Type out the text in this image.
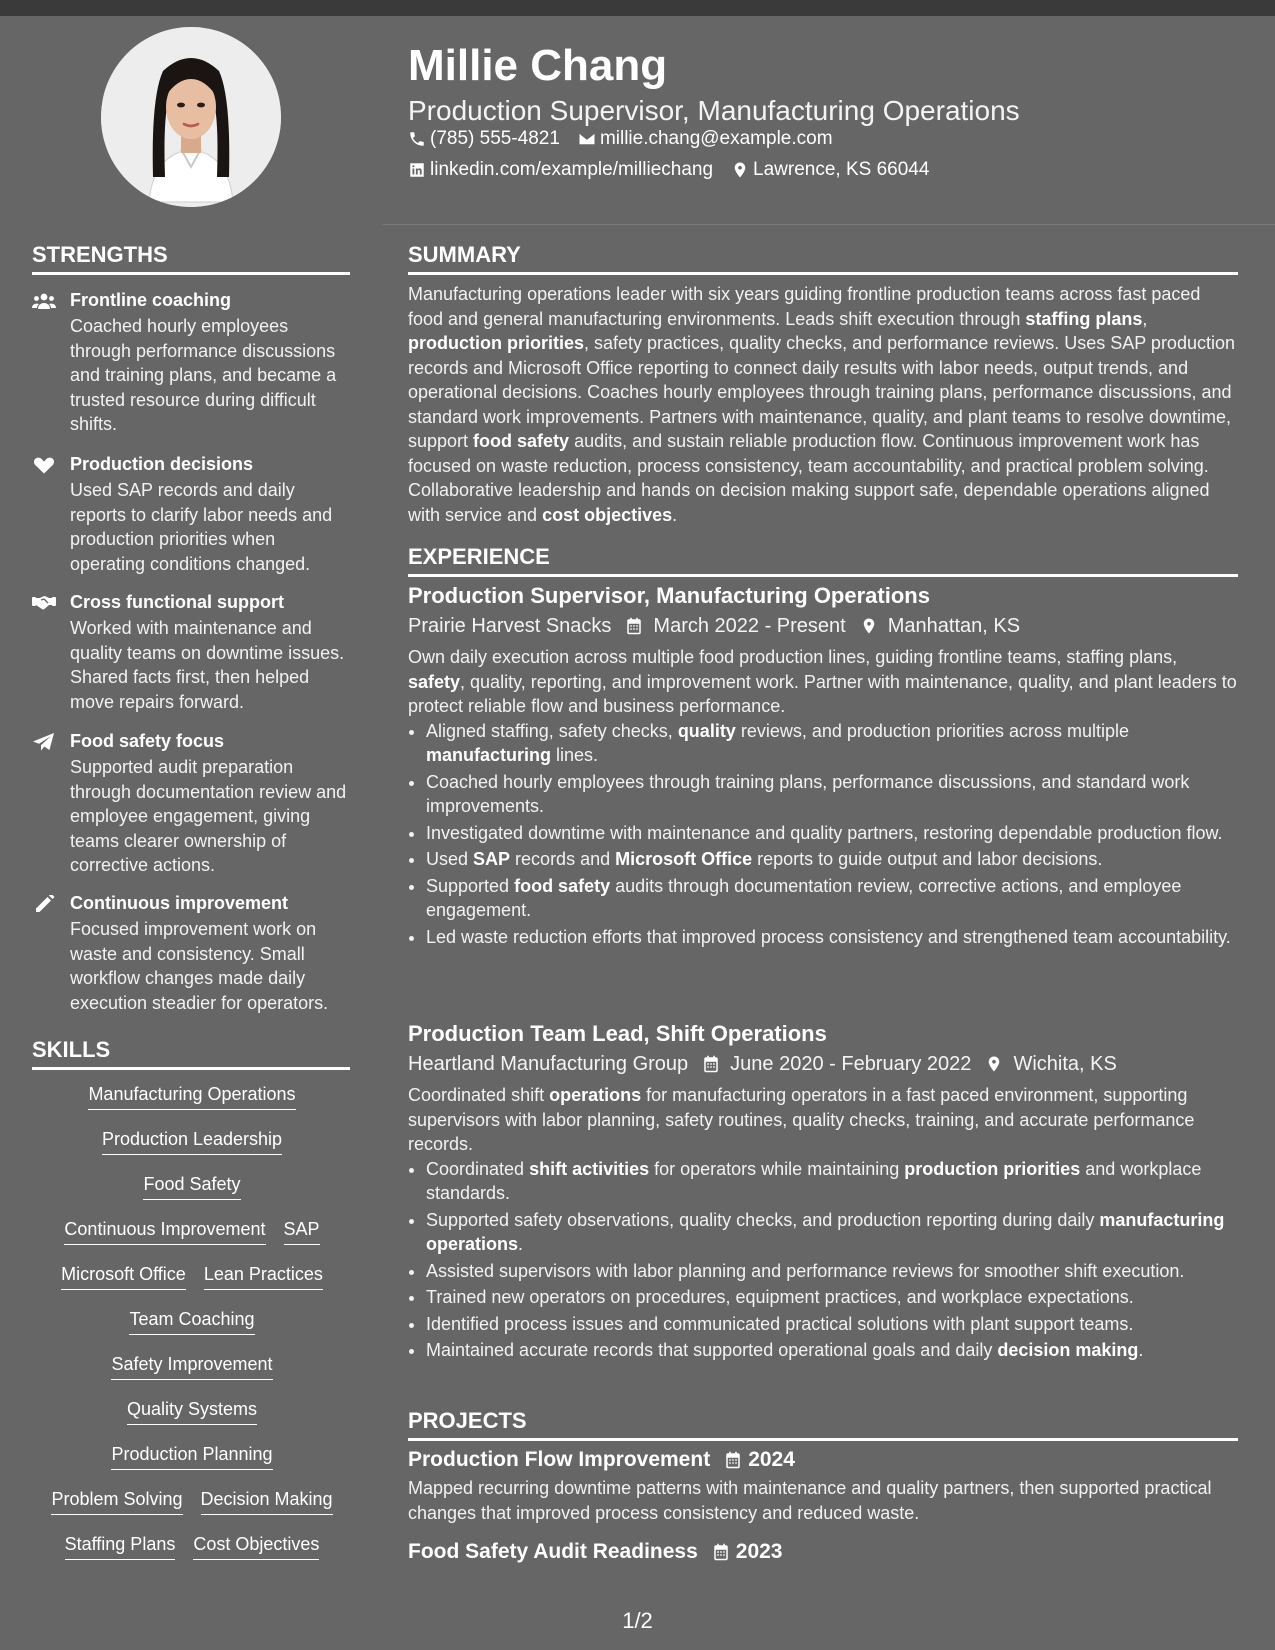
Millie Chang
Production Supervisor, Manufacturing Operations
(785) 555-4821 millie.chang@example.com
linkedin.com/example/milliechang Lawrence, KS 66044
STRENGTHS
Frontline coaching
Coached hourly employees through performance discussions and training plans, and became a trusted resource during difficult shifts.
Production decisions
Used SAP records and daily reports to clarify labor needs and production priorities when operating conditions changed.
Cross functional support
Worked with maintenance and quality teams on downtime issues. Shared facts first, then helped move repairs forward.
Food safety focus
Supported audit preparation through documentation review and employee engagement, giving teams clearer ownership of corrective actions.
Continuous improvement
Focused improvement work on waste and consistency. Small workflow changes made daily execution steadier for operators.
SKILLS
Manufacturing Operations
Production Leadership
Food Safety
Continuous Improvement SAP
Microsoft Office Lean Practices
Team Coaching
Safety Improvement
Quality Systems
Production Planning
Problem Solving Decision Making
Staffing Plans Cost Objectives
SUMMARY
Manufacturing operations leader with six years guiding frontline production teams across fast paced food and general manufacturing environments. Leads shift execution through staffing plans, production priorities, safety practices, quality checks, and performance reviews. Uses SAP production records and Microsoft Office reporting to connect daily results with labor needs, output trends, and operational decisions. Coaches hourly employees through training plans, performance discussions, and standard work improvements. Partners with maintenance, quality, and plant teams to resolve downtime, support food safety audits, and sustain reliable production flow. Continuous improvement work has focused on waste reduction, process consistency, team accountability, and practical problem solving. Collaborative leadership and hands on decision making support safe, dependable operations aligned with service and cost objectives.
EXPERIENCE
Production Supervisor, Manufacturing Operations
Prairie Harvest Snacks March 2022 - Present Manhattan, KS
Own daily execution across multiple food production lines, guiding frontline teams, staffing plans, safety, quality, reporting, and improvement work. Partner with maintenance, quality, and plant leaders to protect reliable flow and business performance.
• Aligned staffing, safety checks, quality reviews, and production priorities across multiple manufacturing lines.
• Coached hourly employees through training plans, performance discussions, and standard work improvements.
• Investigated downtime with maintenance and quality partners, restoring dependable production flow.
• Used SAP records and Microsoft Office reports to guide output and labor decisions.
• Supported food safety audits through documentation review, corrective actions, and employee engagement.
• Led waste reduction efforts that improved process consistency and strengthened team accountability.
Production Team Lead, Shift Operations
Heartland Manufacturing Group June 2020 - February 2022 Wichita, KS
Coordinated shift operations for manufacturing operators in a fast paced environment, supporting supervisors with labor planning, safety routines, quality checks, training, and accurate performance records.
• Coordinated shift activities for operators while maintaining production priorities and workplace standards.
• Supported safety observations, quality checks, and production reporting during daily manufacturing operations.
• Assisted supervisors with labor planning and performance reviews for smoother shift execution.
• Trained new operators on procedures, equipment practices, and workplace expectations.
• Identified process issues and communicated practical solutions with plant support teams.
• Maintained accurate records that supported operational goals and daily decision making.
PROJECTS
Production Flow Improvement 2024
Mapped recurring downtime patterns with maintenance and quality partners, then supported practical changes that improved process consistency and reduced waste.
Food Safety Audit Readiness 2023
1/2
